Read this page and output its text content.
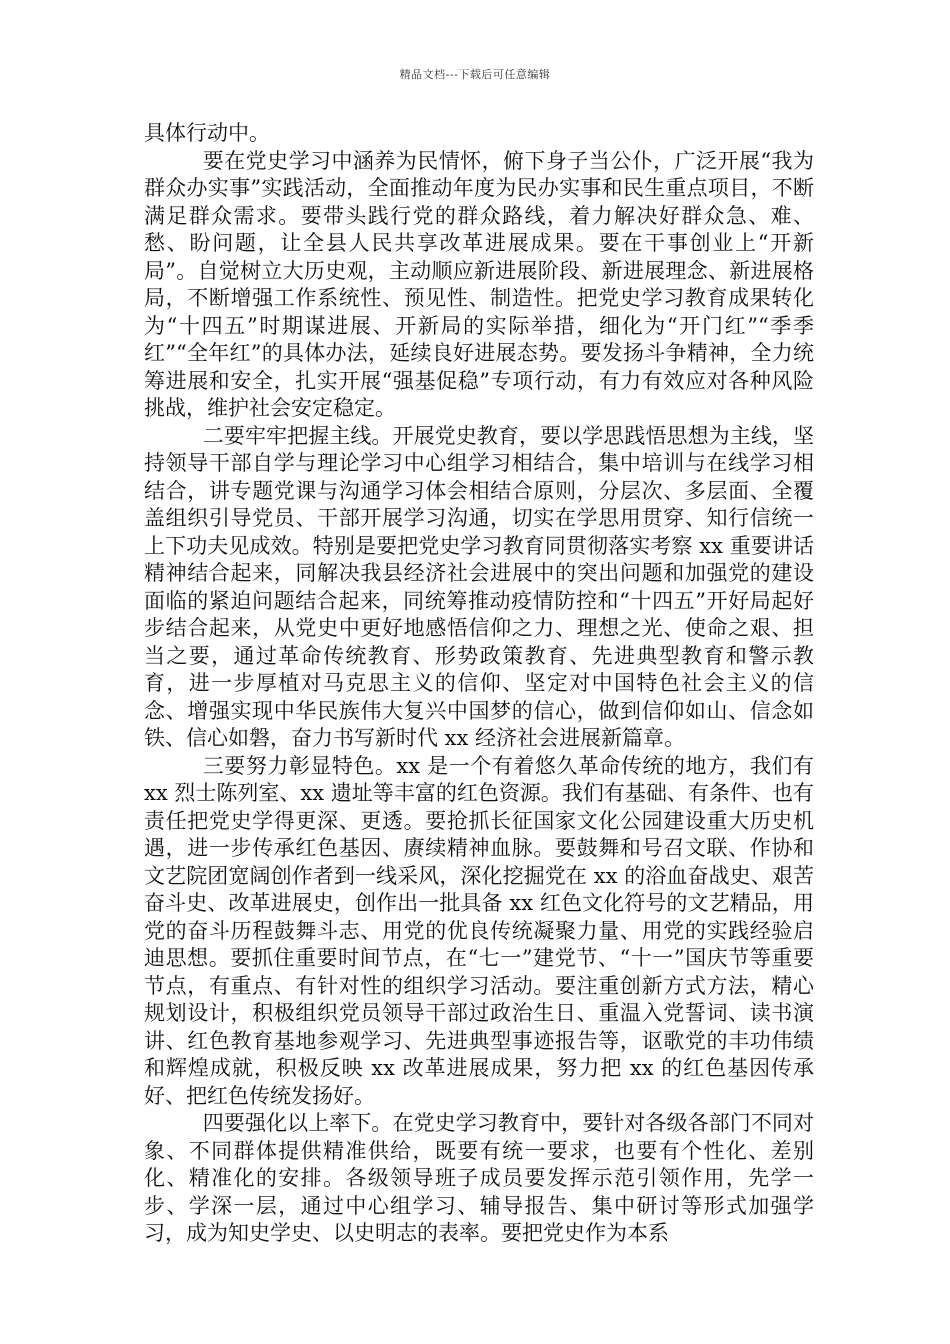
精品文档---下载后可任意编辑

具体行动中。

要在党史学习中涵养为民情怀，俯下身子当公仆，广泛开展“我为群众办实事”实践活动，全面推动年度为民办实事和民生重点项目，不断满足群众需求。要带头践行党的群众路线，着力解决好群众急、难、愁、盼问题，让全县人民共享改革进展成果。要在干事创业上“开新局”。自觉树立大历史观，主动顺应新进展阶段、新进展理念、新进展格局，不断增强工作系统性、预见性、制造性。把党史学习教育成果转化为“十四五”时期谋进展、开新局的实际举措，细化为“开门红”“季季红”“全年红”的具体办法，延续良好进展态势。要发扬斗争精神，全力统筹进展和安全，扎实开展“强基促稳”专项行动，有力有效应对各种风险挑战，维护社会安定稳定。

二要牢牢把握主线。开展党史教育，要以学思践悟思想为主线，坚持领导干部自学与理论学习中心组学习相结合，集中培训与在线学习相结合，讲专题党课与沟通学习体会相结合原则，分层次、多层面、全覆盖组织引导党员、干部开展学习沟通，切实在学思用贯穿、知行信统一上下功夫见成效。特别是要把党史学习教育同贯彻落实考察 xx 重要讲话精神结合起来，同解决我县经济社会进展中的突出问题和加强党的建设面临的紧迫问题结合起来，同统筹推动疫情防控和“十四五”开好局起好步结合起来，从党史中更好地感悟信仰之力、理想之光、使命之艰、担当之要，通过革命传统教育、形势政策教育、先进典型教育和警示教育，进一步厚植对马克思主义的信仰、坚定对中国特色社会主义的信念、增强实现中华民族伟大复兴中国梦的信心，做到信仰如山、信念如铁、信心如磐，奋力书写新时代 xx 经济社会进展新篇章。

三要努力彰显特色。xx 是一个有着悠久革命传统的地方，我们有 xx 烈士陈列室、xx 遗址等丰富的红色资源。我们有基础、有条件、也有责任把党史学得更深、更透。要抢抓长征国家文化公园建设重大历史机遇，进一步传承红色基因、赓续精神血脉。要鼓舞和号召文联、作协和文艺院团宽阔创作者到一线采风，深化挖掘党在 xx 的浴血奋战史、艰苦奋斗史、改革进展史，创作出一批具备 xx 红色文化符号的文艺精品，用党的奋斗历程鼓舞斗志、用党的优良传统凝聚力量、用党的实践经验启迪思想。要抓住重要时间节点，在“七一”建党节、“十一”国庆节等重要节点，有重点、有针对性的组织学习活动。要注重创新方式方法，精心规划设计，积极组织党员领导干部过政治生日、重温入党誓词、读书演讲、红色教育基地参观学习、先进典型事迹报告等，讴歌党的丰功伟绩和辉煌成就，积极反映 xx 改革进展成果，努力把 xx 的红色基因传承好、把红色传统发扬好。

四要强化以上率下。在党史学习教育中，要针对各级各部门不同对象、不同群体提供精准供给，既要有统一要求，也要有个性化、差别化、精准化的安排。各级领导班子成员要发挥示范引领作用，先学一步、学深一层，通过中心组学习、辅导报告、集中研讨等形式加强学习，成为知史学史、以史明志的表率。要把党史作为本系
